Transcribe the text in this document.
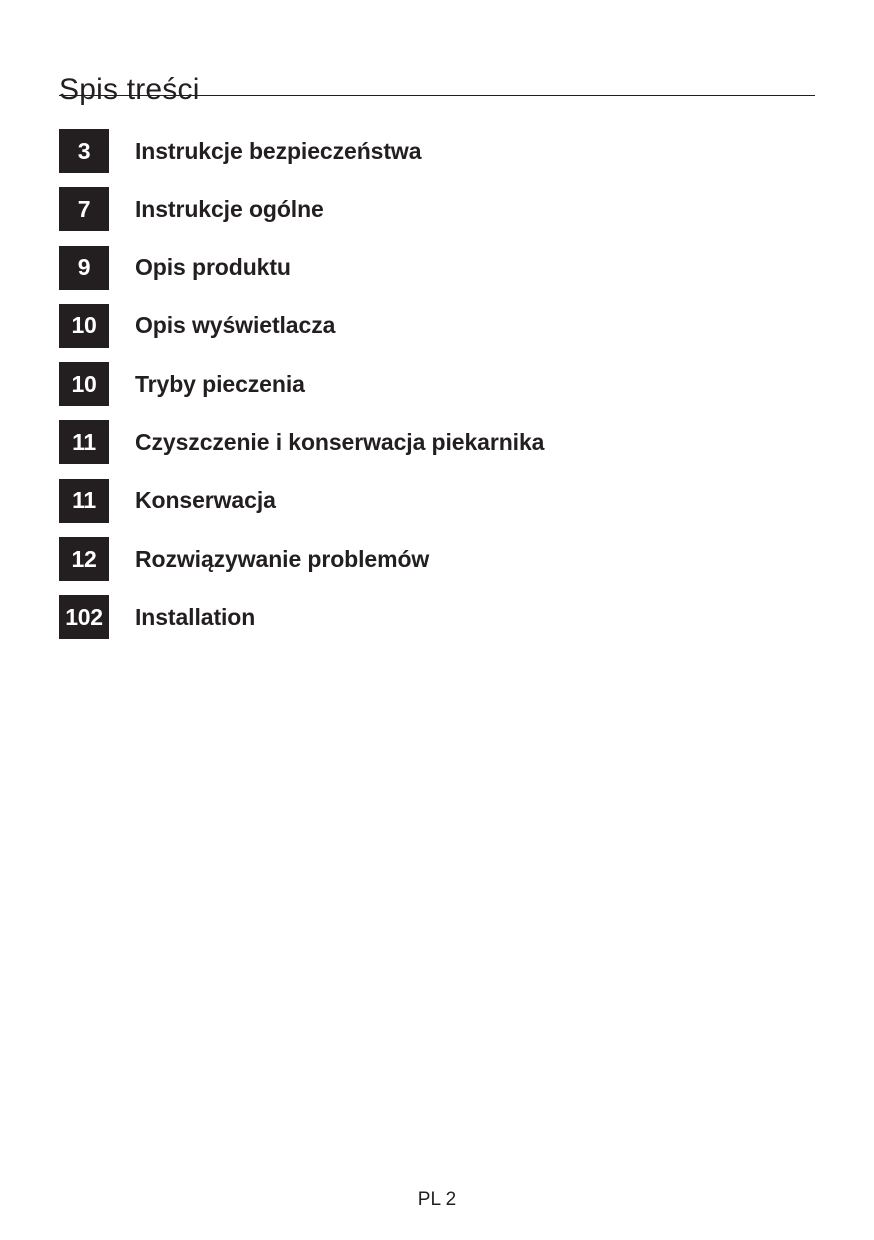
Spis treści
3	Instrukcje bezpieczeństwa
7	Instrukcje ogólne
9	Opis produktu
10	Opis wyświetlacza
10	Tryby pieczenia
11	Czyszczenie i konserwacja piekarnika
11	Konserwacja
12	Rozwiązywanie problemów
102 Installation
PL 2
